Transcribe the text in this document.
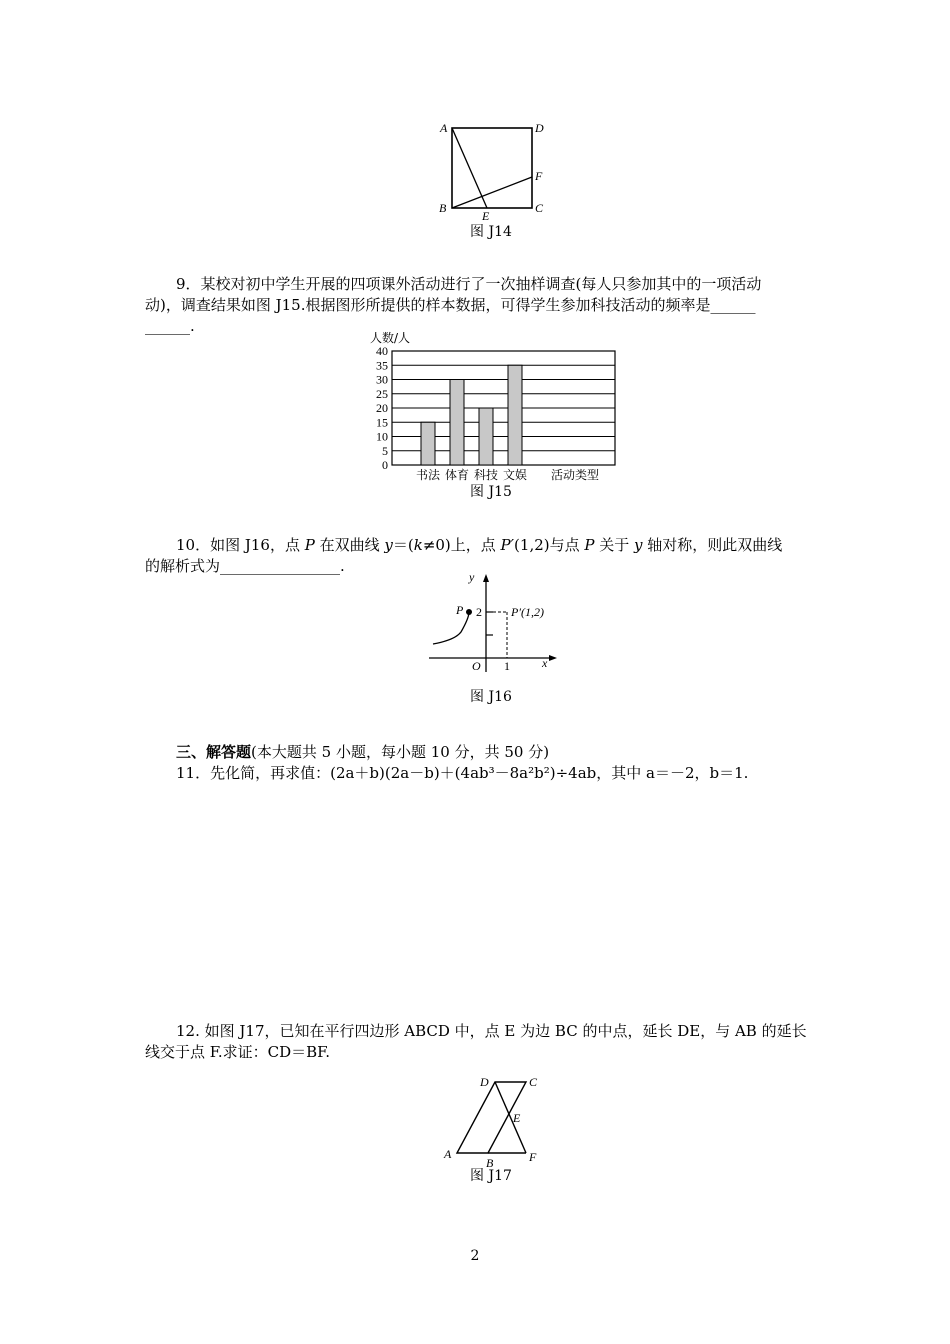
A	D
F
B
E
C
图 J14
9．某校对初中学生开展的四项课外活动进行了一次抽样调查(每人只参加其中的一项活动
动)，调查结果如图 J15.根据图形所提供的样本数据，可得学生参加科技活动的频率是______
______.
人数/人
0
5
10
15
20
25
30
35
40
书法 体育 科技 文娱 活动类型
图 J15
10．如图 J16，点 P 在双曲线 y＝(k≠0)上，点 P′(1,2)与点 P 关于 y 轴对称，则此双曲线
的解析式为________________.
y
x
O
2
1
P	P′(1,2)
图 J16
三、解答题(本大题共 5 小题，每小题 10 分，共 50 分)
11．先化简，再求值：(2a＋b)(2a－b)＋(4ab³－8a²b²)÷4ab，其中 a＝－2，b＝1.
12. 如图 J17，已知在平行四边形 ABCD 中，点 E 为边 BC 的中点，延长 DE，与 AB 的延长
线交于点 F.求证：CD＝BF.
D	C
E
A
B	F
图 J17
2
